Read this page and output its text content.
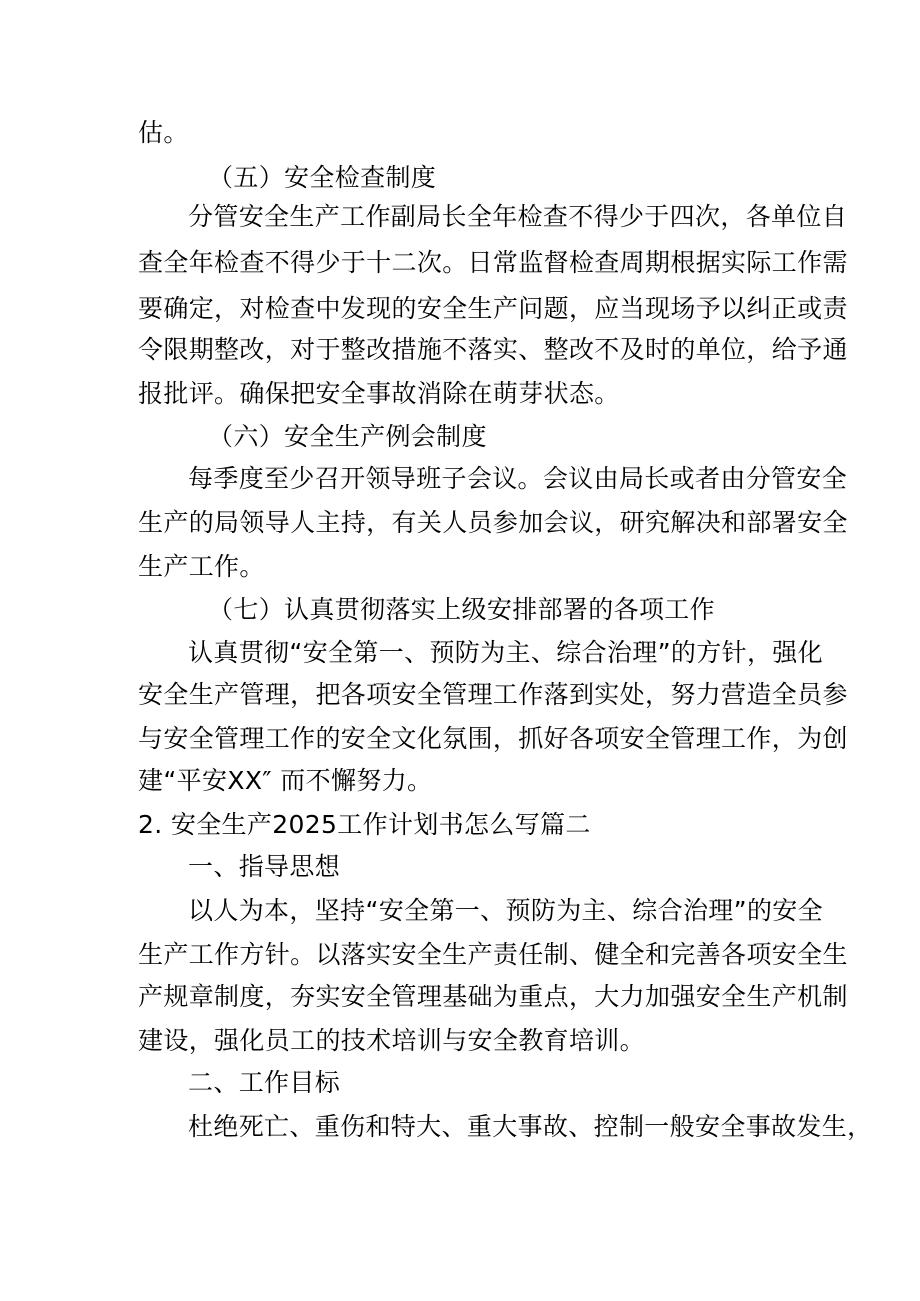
估。
（五）安全检查制度
分管安全生产工作副局长全年检查不得少于四次，各单位自
查全年检查不得少于十二次。日常监督检查周期根据实际工作需
要确定，对检查中发现的安全生产问题，应当现场予以纠正或责
令限期整改，对于整改措施不落实、整改不及时的单位，给予通
报批评。确保把安全事故消除在萌芽状态。
（六）安全生产例会制度
每季度至少召开领导班子会议。会议由局长或者由分管安全
生产的局领导人主持，有关人员参加会议，研究解决和部署安全
生产工作。
（七）认真贯彻落实上级安排部署的各项工作
认真贯彻“安全第一、预防为主、综合治理”的方针，强化
安全生产管理，把各项安全管理工作落到实处，努力营造全员参
与安全管理工作的安全文化氛围，抓好各项安全管理工作，为创
建“平安XX″ 而不懈努力。
2. 安全生产2025工作计划书怎么写篇二
一、指导思想
以人为本，坚持“安全第一、预防为主、综合治理”的安全
生产工作方针。以落实安全生产责任制、健全和完善各项安全生
产规章制度，夯实安全管理基础为重点，大力加强安全生产机制
建设，强化员工的技术培训与安全教育培训。
二、工作目标
杜绝死亡、重伤和特大、重大事故、控制一般安全事故发生，
